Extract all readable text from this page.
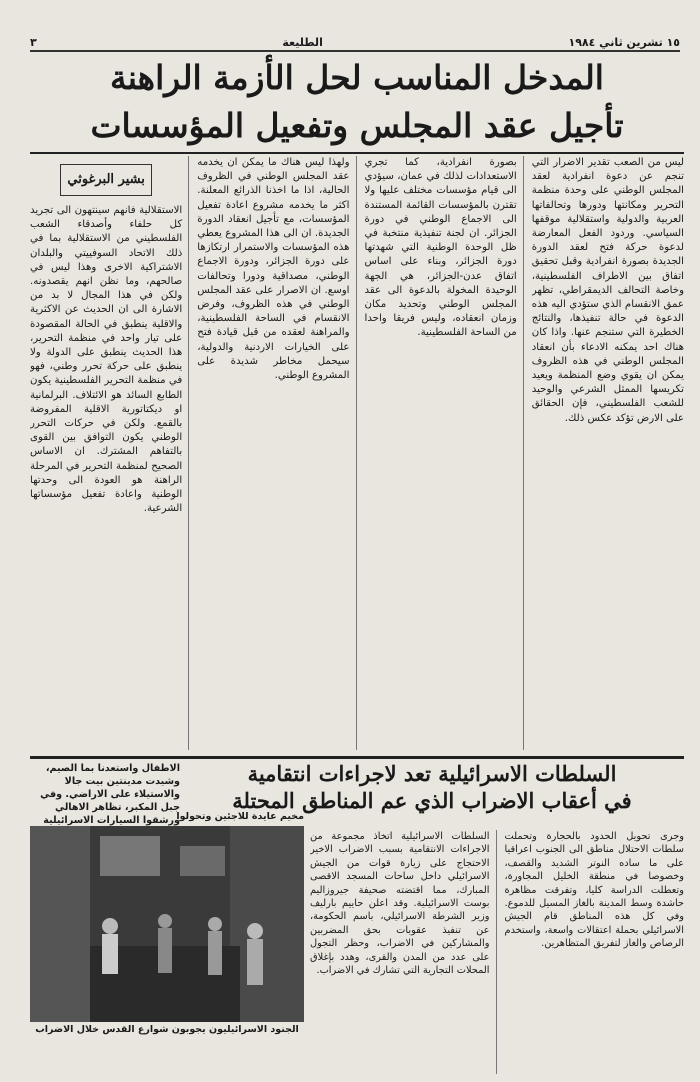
١٥ تشرين ثاني ١٩٨٤
الطليعة
٣
المدخل المناسب لحل الأزمة الراهنة
تأجيل عقد المجلس وتفعيل المؤسسات

ليس من الصعب تقدير الاضرار التي تنجم عن دعوة انفرادية لعقد المجلس الوطني على وحدة منظمة التحرير ومكانتها ودورها وتحالفاتها العربية والدولية واستقلالية موقفها السياسي. وردود الفعل المعارضة لدعوة حركة فتح لعقد الدورة الجديدة بصورة انفرادية وقبل تحقيق اتفاق بين الاطراف الفلسطينية، وخاصة التحالف الديمقراطي، تظهر عمق الانقسام الذي ستؤدي اليه هذه الدعوة في حالة تنفيذها، والنتائج الخطيرة التي ستنجم عنها. واذا كان هناك احد يمكنه الادعاء بأن انعقاد المجلس الوطني في هذه الظروف يمكن ان يقوي وضع المنظمة ويعيد تكريسها الممثل الشرعي والوحيد للشعب الفلسطيني، فإن الحقائق على الارض تؤكد عكس ذلك.

بصورة انفرادية، كما تجري الاستعدادات لذلك في عمان، سيؤدي الى قيام مؤسسات مختلف عليها ولا تقترن بالمؤسسات القائمة المستندة الى الاجماع الوطني في دورة الجزائر. ان لجنة تنفيذية منتخبة في ظل الوحدة الوطنية التي شهدتها دورة الجزائر، وبناء على اساس اتفاق عدن-الجزائر، هي الجهة الوحيدة المخولة بالدعوة الى عقد المجلس الوطني وتحديد مكان وزمان انعقاده، وليس فريقا واحدا من الساحة الفلسطينية.

ولهذا ليس هناك ما يمكن ان يخدمه عقد المجلس الوطني في الظروف الحالية، اذا ما اخذنا الذرائع المعلنة. اكثر ما يخدمه مشروع اعادة تفعيل المؤسسات، مع تأجيل انعقاد الدورة الجديدة. ان الى هذا المشروع يعطي هذه المؤسسات والاستمرار ارتكازها على دورة الجزائر، ودورة الاجماع الوطني، مصداقية ودورا وتحالفات اوسع. ان الاصرار على عقد المجلس الوطني في هذه الظروف، وفرض الانقسام في الساحة الفلسطينية، والمراهنة لعقده من قبل قيادة فتح على الخيارات الاردنية والدولية، سيحمل مخاطر شديدة على المشروع الوطني.

بشير البرغوثي

الاستقلالية فانهم سينتهون الى تجريد كل حلفاء وأصدقاء الشعب الفلسطيني من الاستقلالية بما في ذلك الاتحاد السوفييتي والبلدان الاشتراكية الاخرى وهذا ليس في صالحهم، وما نظن انهم يقصدونه. ولكن في هذا المجال لا بد من الاشارة الى ان الحديث عن الاكثرية والاقلية ينطبق في الحالة المقصودة على تيار واحد في منظمة التحرير، هذا الحديث ينطبق على الدولة ولا ينطبق على حركة تحرر وطني، فهو في منظمة التحرير الفلسطينية يكون الطابع السائد هو الائتلاف. البرلمانية او ديكتاتورية الاقلية المفروضة بالقمع. ولكن في حركات التحرر الوطني يكون التوافق بين القوى بالتفاهم المشترك. ان الاساس الصحيح لمنظمة التحرير في المرحلة الراهنة هو العودة الى وحدتها الوطنية واعادة تفعيل مؤسساتها الشرعية.

السلطات الاسرائيلية تعد لاجراءات انتقامية
في أعقاب الاضراب الذي عم المناطق المحتلة
الاطفال واستعدنا بما الصيم، وشيدت مدينتين بيت جالا والاستيلاء على الاراضي. وفي جبل المكبر، تظاهر الاهالي ورشقوا السيارات الاسرائيلية	مخيم عايدة للاجئين وتحولوا
الجنود الاسرائيليون يجوبون شوارع القدس خلال الاضراب

وجرى تحويل الحدود بالحجارة وتحملت سلطات الاحتلال مناطق الى الجنوب اعراقيا على ما ساده النوتر الشديد والقصف، وخصوصا في منطقة الخليل المجاورة، وتعطلت الدراسة كليا، وتفرقت مظاهرة حاشدة وسط المدينة بالغاز المسيل للدموع. وفي كل هذه المناطق قام الجيش الاسرائيلي بحملة اعتقالات واسعة، واستخدم الرصاص والغاز لتفريق المتظاهرين.

السلطات الاسرائيلية اتخاذ مجموعة من الاجراءات الانتقامية بسبب الاضراب الاخير الاحتجاج على زيارة قوات من الجيش الاسرائيلي داخل ساحات المسجد الاقصى المبارك، مما اقتضته صحيفة جيروزاليم بوست الاسرائيلية. وقد اعلن حاييم بارليف وزير الشرطة الاسرائيلي، باسم الحكومة، عن تنفيذ عقوبات بحق المضربين والمشاركين في الاضراب، وحظر التجول على عدد من المدن والقرى، وهدد بإغلاق المحلات التجارية التي تشارك في الاضراب.
